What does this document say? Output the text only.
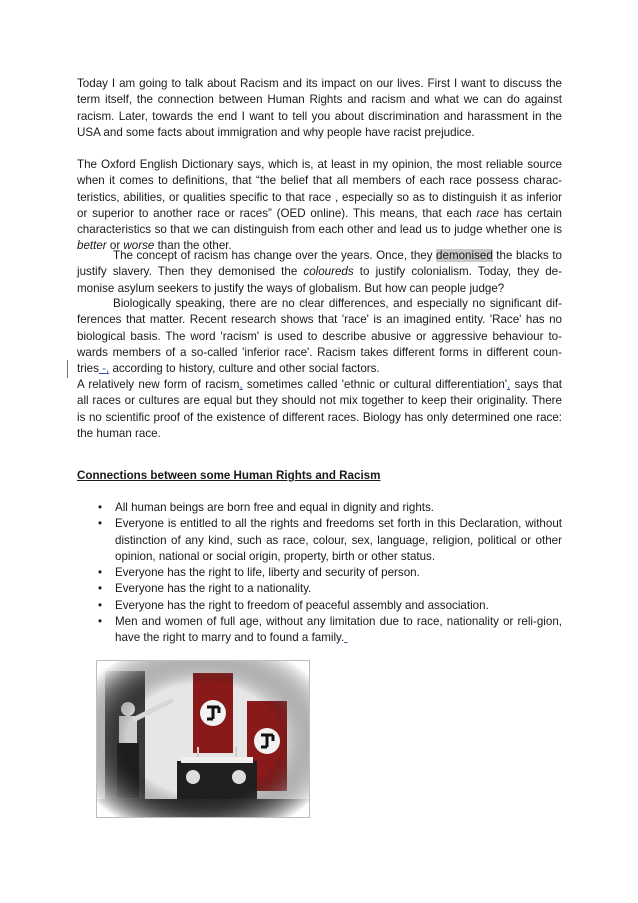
Today I am going to talk about Racism and its impact on our lives. First I want to discuss the term itself, the connection between Human Rights and racism and what we can do against racism. Later, towards the end I want to tell you about discrimination and harassment in the USA and some facts about immigration and why people have racist prejudice.

The Oxford English Dictionary says, which is, at least in my opinion, the most reliable source when it comes to definitions, that “the belief that all members of each race possess charac-teristics, abilities, or qualities specific to that race , especially so as to distinguish it as inferior or superior to another race or races” (OED online). This means, that each race has certain characteristics so that we can distinguish from each other and lead us to judge whether one is better or worse than the other.

The concept of racism has change over the years. Once, they demonised the blacks to justify slavery. Then they demonised the coloureds to justify colonialism. Today, they de-monise asylum seekers to justify the ways of globalism. But how can people judge?

Biologically speaking, there are no clear differences, and especially no significant dif-ferences that matter. Recent research shows that 'race' is an imagined entity. 'Race' has no biological basis. The word 'racism' is used to describe abusive or aggressive behaviour to-wards members of a so-called 'inferior race'. Racism takes different forms in different coun-tries -, according to history, culture and other social factors.

A relatively new form of racism, sometimes called 'ethnic or cultural differentiation', says that all races or cultures are equal but they should not mix together to keep their originality. There is no scientific proof of the existence of different races. Biology has only determined one race: the human race.

Connections between some Human Rights and Racism
• All human beings are born free and equal in dignity and rights.
• Everyone is entitled to all the rights and freedoms set forth in this Declaration, without distinction of any kind, such as race, colour, sex, language, religion, political or other opinion, national or social origin, property, birth or other status.
• Everyone has the right to life, liberty and security of person.
• Everyone has the right to a nationality.
• Everyone has the right to freedom of peaceful assembly and association.
• Men and women of full age, without any limitation due to race, nationality or reli-gion, have the right to marry and to found a family.
